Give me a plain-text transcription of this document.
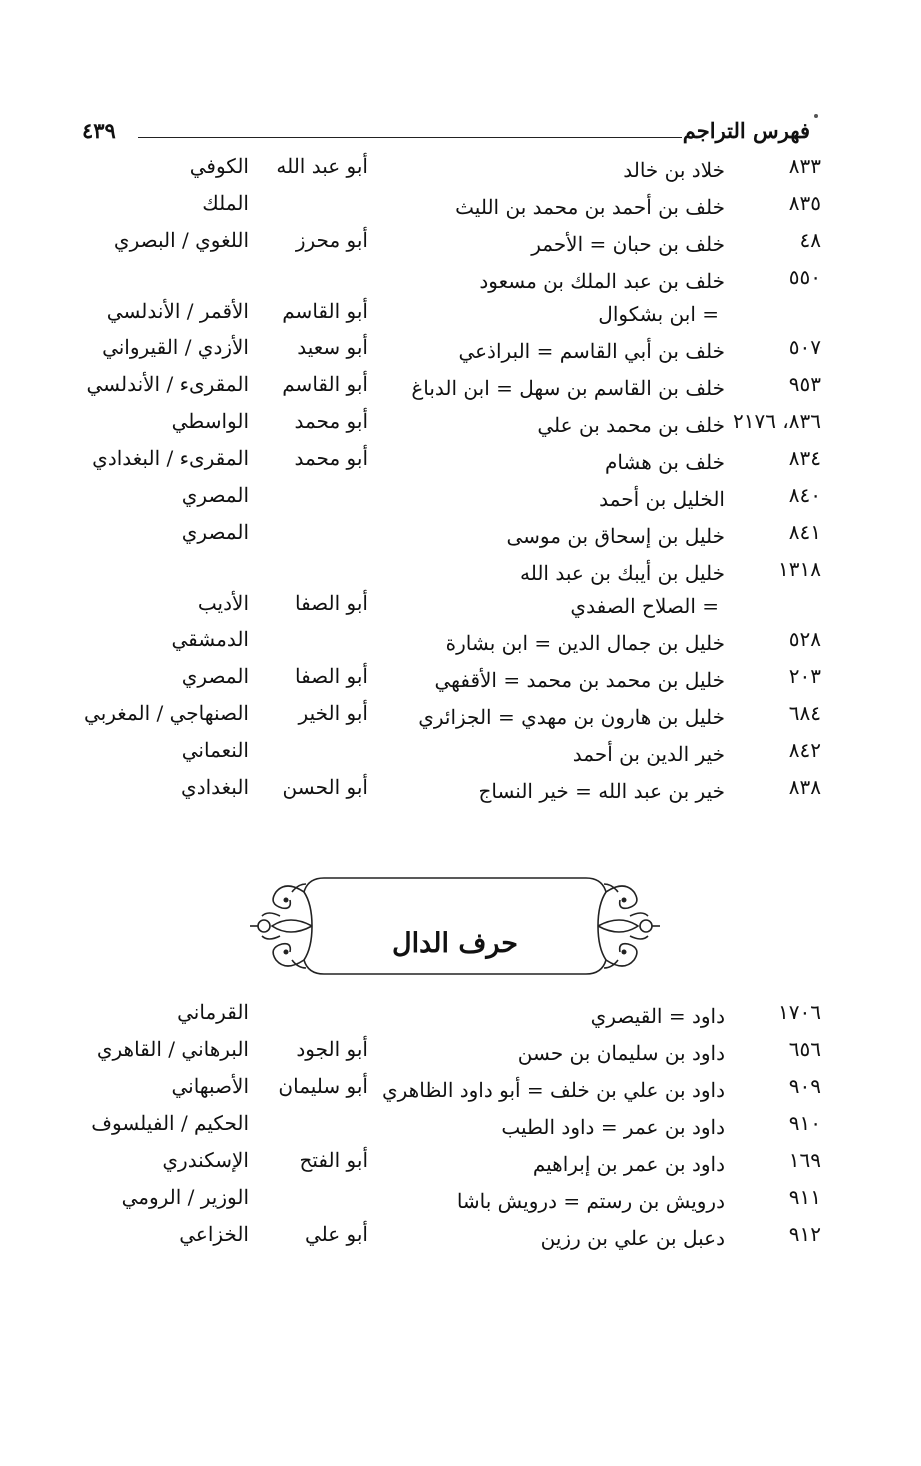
٤٣٩	فهرس التراجم
٨٣٣
خلاد بن خالد
أبو عبد الله
الكوفي
٨٣٥
خلف بن أحمد بن محمد بن الليث
الملك
٤٨
خلف بن حبان = الأحمر
أبو محرز
اللغوي / البصري
٥٥٠
خلف بن عبد الملك بن مسعود
= ابن بشكوال
أبو القاسم
الأقمر / الأندلسي
٥٠٧
خلف بن أبي القاسم = البراذعي
أبو سعيد
الأزدي / القيرواني
٩٥٣
خلف بن القاسم بن سهل = ابن الدباغ
أبو القاسم
المقرىء / الأندلسي
٨٣٦، ٢١٧٦
خلف بن محمد بن علي
أبو محمد
الواسطي
٨٣٤
خلف بن هشام
أبو محمد
المقرىء / البغدادي
٨٤٠
الخليل بن أحمد
المصري
٨٤١
خليل بن إسحاق بن موسى
المصري
١٣١٨
خليل بن أيبك بن عبد الله
= الصلاح الصفدي
أبو الصفا
الأديب
٥٢٨
خليل بن جمال الدين = ابن بشارة
الدمشقي
٢٠٣
خليل بن محمد بن محمد = الأقفهي
أبو الصفا
المصري
٦٨٤
خليل بن هارون بن مهدي = الجزائري
أبو الخير
الصنهاجي / المغربي
٨٤٢
خير الدين بن أحمد
النعماني
٨٣٨
خير بن عبد الله = خير النساج
أبو الحسن
البغدادي
حرف الدال
١٧٠٦
داود = القيصري
القرماني
٦٥٦
داود بن سليمان بن حسن
أبو الجود
البرهاني / القاهري
٩٠٩
داود بن علي بن خلف = أبو داود الظاهري
أبو سليمان
الأصبهاني
٩١٠
داود بن عمر = داود الطيب
الحكيم / الفيلسوف
١٦٩
داود بن عمر بن إبراهيم
أبو الفتح
الإسكندري
٩١١
درويش بن رستم = درويش باشا
الوزير / الرومي
٩١٢
دعبل بن علي بن رزين
أبو علي
الخزاعي
